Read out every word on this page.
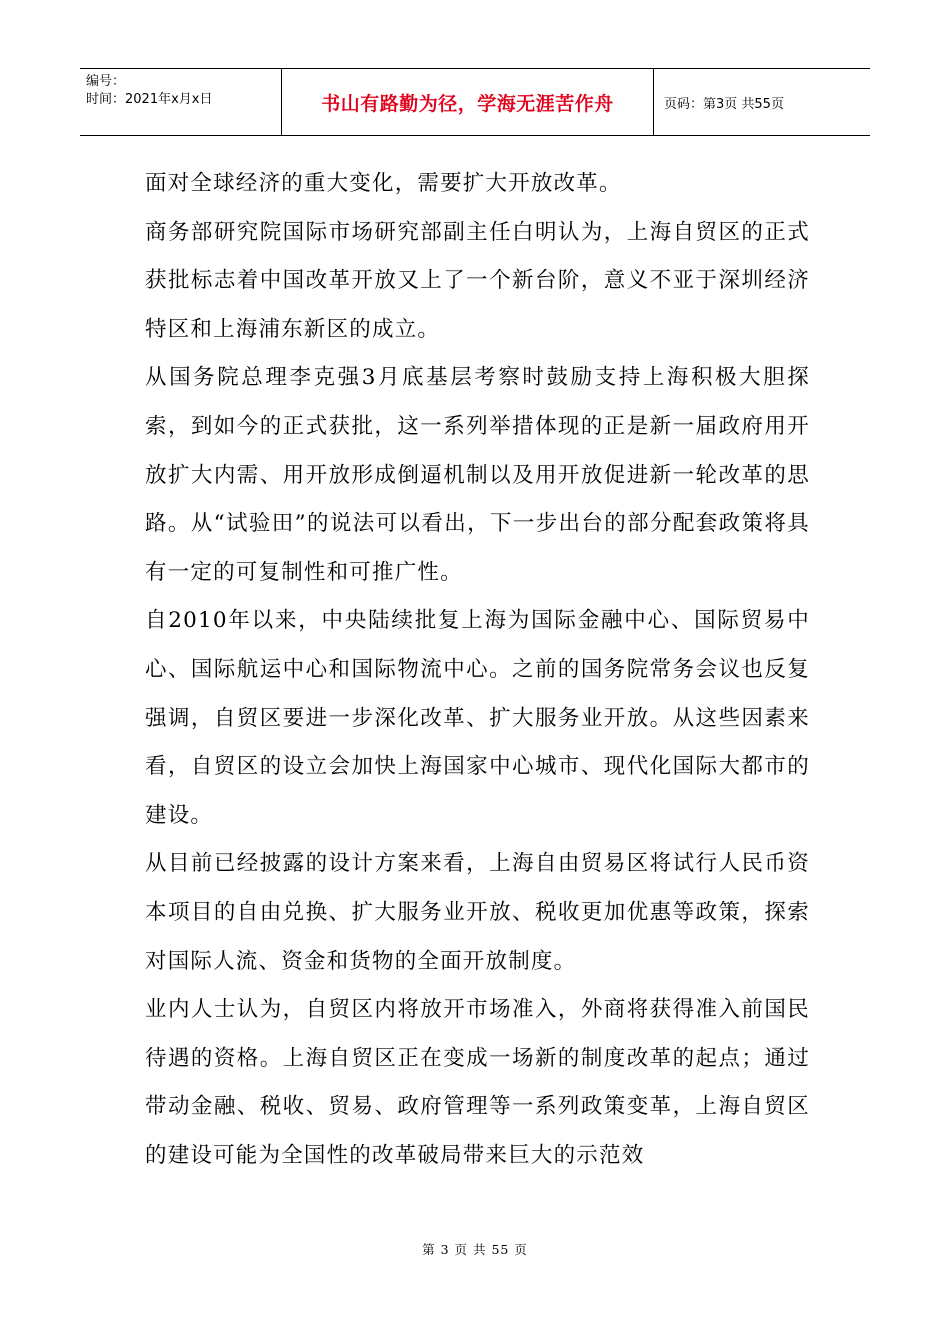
编号：
时间：2021年x月x日	书山有路勤为径，学海无涯苦作舟	页码：第3页 共55页

面对全球经济的重大变化，需要扩大开放改革。

商务部研究院国际市场研究部副主任白明认为，上海自贸区的正式获批标志着中国改革开放又上了一个新台阶，意义不亚于深圳经济特区和上海浦东新区的成立。

从国务院总理李克强3月底基层考察时鼓励支持上海积极大胆探索，到如今的正式获批，这一系列举措体现的正是新一届政府用开放扩大内需、用开放形成倒逼机制以及用开放促进新一轮改革的思路。从“试验田”的说法可以看出，下一步出台的部分配套政策将具有一定的可复制性和可推广性。

自2010年以来，中央陆续批复上海为国际金融中心、国际贸易中心、国际航运中心和国际物流中心。之前的国务院常务会议也反复强调，自贸区要进一步深化改革、扩大服务业开放。从这些因素来看，自贸区的设立会加快上海国家中心城市、现代化国际大都市的建设。

从目前已经披露的设计方案来看，上海自由贸易区将试行人民币资本项目的自由兑换、扩大服务业开放、税收更加优惠等政策，探索对国际人流、资金和货物的全面开放制度。

业内人士认为，自贸区内将放开市场准入，外商将获得准入前国民待遇的资格。上海自贸区正在变成一场新的制度改革的起点；通过带动金融、税收、贸易、政府管理等一系列政策变革，上海自贸区的建设可能为全国性的改革破局带来巨大的示范效

第 3 页 共 55 页
